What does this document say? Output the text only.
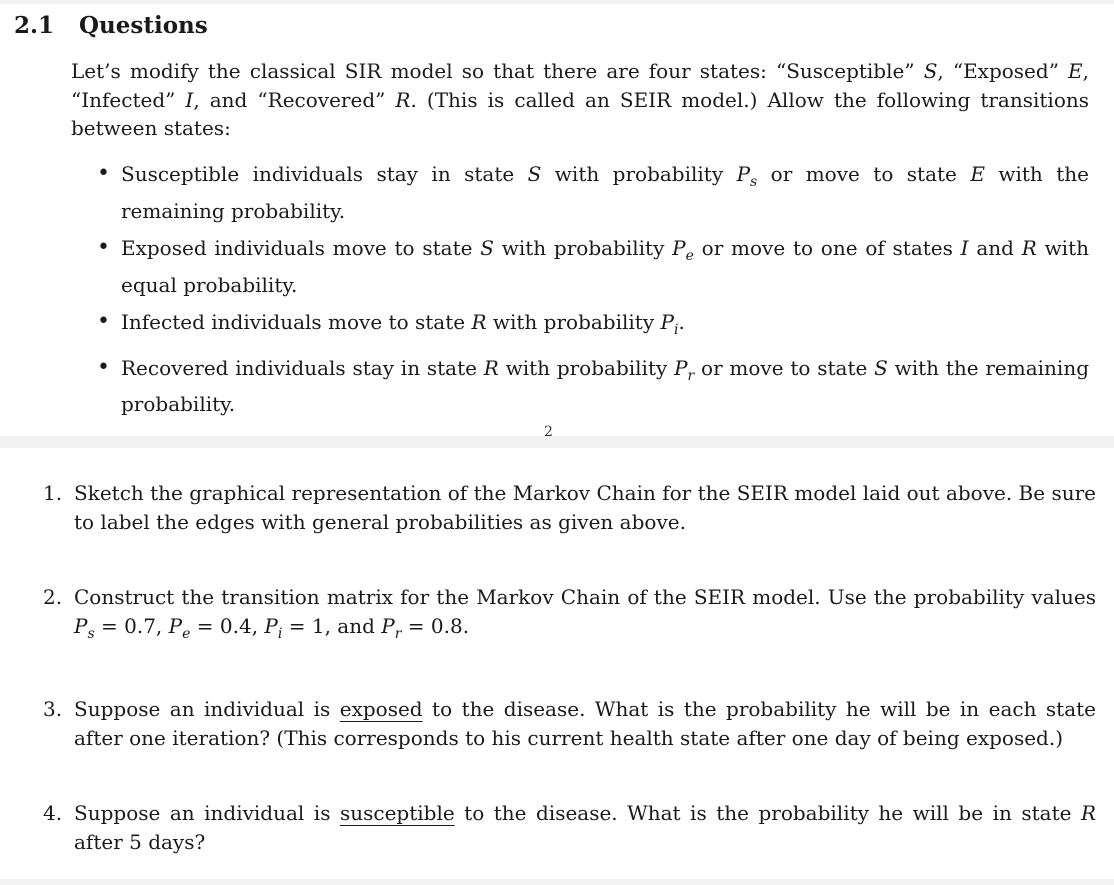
2.1 Questions
Let’s modify the classical SIR model so that there are four states: “Susceptible” S, “Exposed” E, “Infected” I, and “Recovered” R. (This is called an SEIR model.) Allow the following transitions between states:
• Susceptible individuals stay in state S with probability $P_s$ or move to state E with the remaining probability.
• Exposed individuals move to state S with probability $P_e$ or move to one of states I and R with equal probability.
• Infected individuals move to state R with probability $P_i$.
• Recovered individuals stay in state R with probability $P_r$ or move to state S with the remaining probability.
2
1. Sketch the graphical representation of the Markov Chain for the SEIR model laid out above. Be sure to label the edges with general probabilities as given above.
2. Construct the transition matrix for the Markov Chain of the SEIR model. Use the probability values $P_s = 0.7$, $P_e = 0.4$, $P_i = 1$, and $P_r = 0.8$.
3. Suppose an individual is exposed to the disease. What is the probability he will be in each state after one iteration? (This corresponds to his current health state after one day of being exposed.)
4. Suppose an individual is susceptible to the disease. What is the probability he will be in state R after 5 days?
